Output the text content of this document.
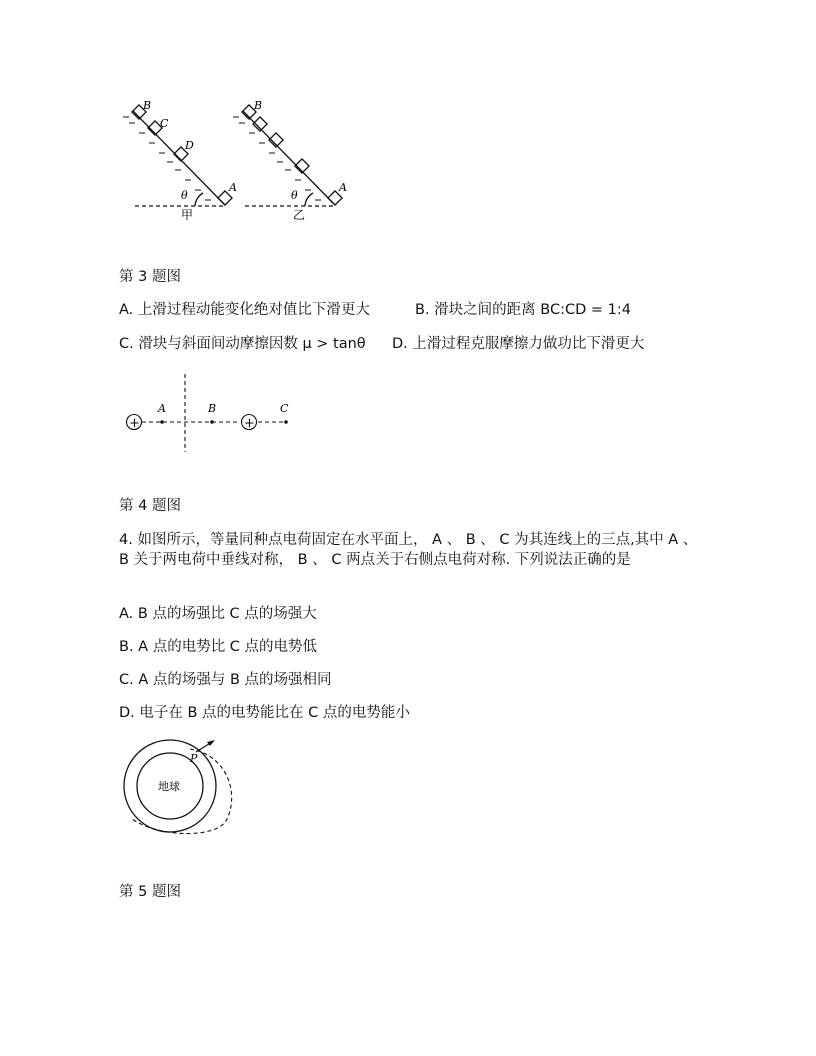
B
C
D
A
θ
甲
B
A
θ
乙
第 3 题图
A. 上滑过程动能变化绝对值比下滑更大	B. 滑块之间的距离 BC:CD = 1:4
C. 滑块与斜面间动摩擦因数 μ > tanθ D. 上滑过程克服摩擦力做功比下滑更大
+	+
A	B	C
第 4 题图
4. 如图所示，等量同种点电荷固定在水平面上， A 、 B 、 C 为其连线上的三点,其中 A 、 B 关于两电荷中垂线对称， B 、 C 两点关于右侧点电荷对称. 下列说法正确的是
A. B 点的场强比 C 点的场强大
B. A 点的电势比 C 点的电势低
C. A 点的场强与 B 点的场强相同
D. 电子在 B 点的电势能比在 C 点的电势能小
P
地球
第 5 题图
